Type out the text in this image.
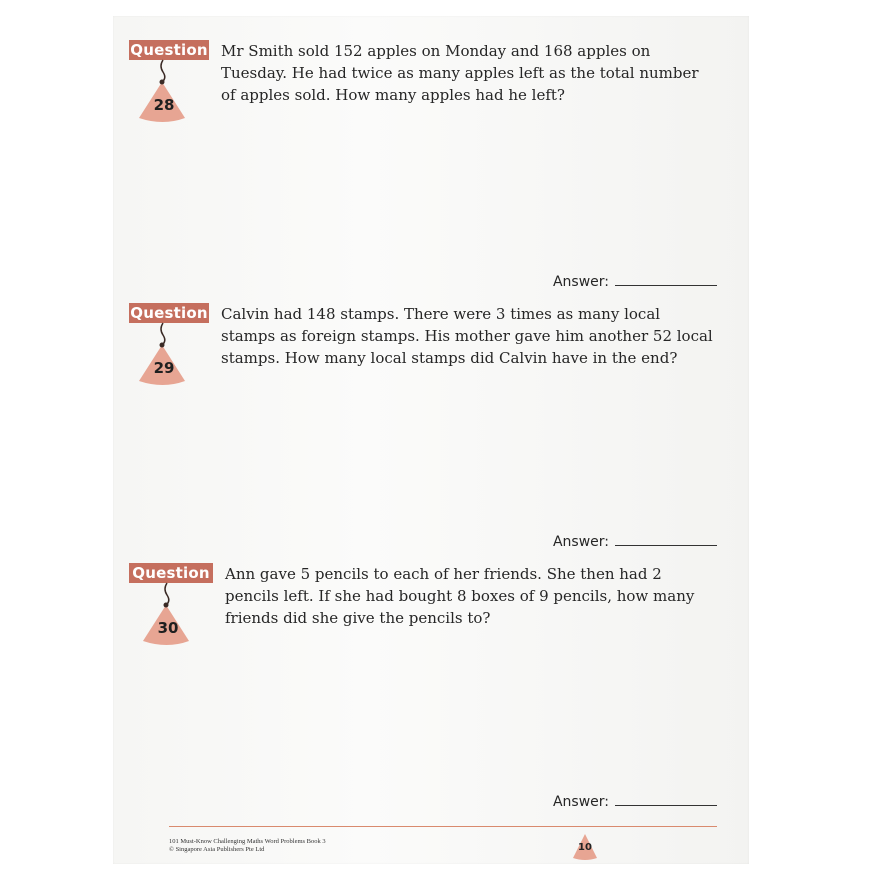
Question
28
Mr Smith sold 152 apples on Monday and 168 apples on Tuesday. He had twice as many apples left as the total number of apples sold. How many apples had he left?
Answer:
Question
29
Calvin had 148 stamps. There were 3 times as many local stamps as foreign stamps. His mother gave him another 52 local stamps. How many local stamps did Calvin have in the end?
Answer:
Question
30
Ann gave 5 pencils to each of her friends. She then had 2 pencils left. If she had bought 8 boxes of 9 pencils, how many friends did she give the pencils to?
Answer:
101 Must-Know Challenging Maths Word Problems Book 3
© Singapore Asia Publishers Pte Ltd	10
